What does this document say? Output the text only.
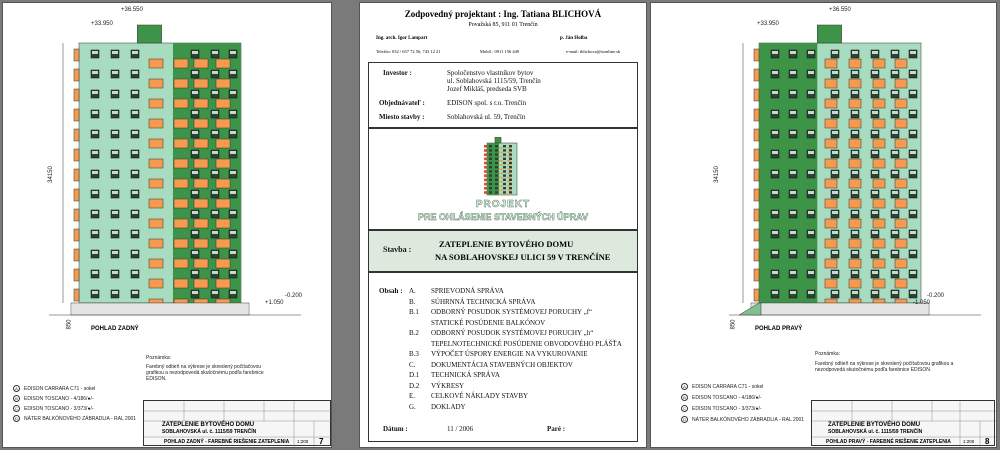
+36.550
+33.950
34150
-0.200
+1.050
850	POHLAD ZADNÝ
Poznámka:
Farebný odtieň na výkrese je skreslený počítačovou grafikou a nezodpovedá skutočnému podľa farebnice EDISON.
A	EDISON CARRARA C71 - sokel
B	EDISON TOSCANO - 4/186/●/-
C	EDISON TOSCANO - 3/373/●/-
D	NÁTER BALKÓNOVÉHO ZÁBRADLIA - RAL 2001
ZATEPLENIE BYTOVÉHO DOMU
SOBLAHOVSKÁ ul. č. 1115/59 TRENČÍN
POHLAD ZADNÝ - FAREBNÉ RIEŠENIE ZATEPLENIA 1:200 7
Zodpovedný projektant : Ing. Tatiana BLICHOVÁ
Považská 85, 911 01 Trenčín
Ing. arch. Igor Lampart	p. Ján Holba
Telefón: 032 / 657 72 56, 743 12 21	Mobil : 0911 156 449	e-mail: tblichova@stonline.sk
Investor :	Spoločenstvo vlastníkov bytov
ul. Soblahovská 1115/59, Trenčín
Jozef Mikláš, predseda SVB
Objednávateľ :	EDISON spol. s r.o. Trenčín
Miesto stavby :	Soblahovská ul. 59, Trenčín
PROJEKT
PRE OHLÁSENIE STAVEBNÝCH ÚPRAV
Stavba :
ZATEPLENIE BYTOVÉHO DOMU
NA SOBLAHOVSKEJ ULICI 59 V TRENČÍNE
Obsah : A. SPRIEVODNÁ SPRÁVA
B. SÚHRNNÁ TECHNICKÁ SPRÁVA
B.1 ODBORNÝ POSUDOK SYSTÉMOVEJ PORUCHY „f“
STATICKÉ POSÚDENIE BALKÓNOV
B.2 ODBORNÝ POSUDOK SYSTÉMOVEJ PORUCHY „h“
TEPELNOTECHNICKÉ POSÚDENIE OBVODOVÉHO PLÁŠŤA
B.3 VÝPOČET ÚSPORY ENERGIE NA VYKUROVANIE
C. DOKUMENTÁCIA STAVEBNÝCH OBJEKTOV
D.1 TECHNICKÁ SPRÁVA
D.2 VÝKRESY
E. CELKOVÉ NÁKLADY STAVBY
G. DOKLADY
Dátum :	11 / 2006	Paré :
+36.550
+33.950
34150
-0.200
-1.050
850	POHLAD PRAVÝ
Poznámka:
Farebný odtieň na výkrese je skreslený počítačovou grafikou a nezodpovedá skutočnému podľa farebnice EDISON.
A	EDISON CARRARA C71 - sokel
B	EDISON TOSCANO - 4/186/●/-
C	EDISON TOSCANO - 3/373/●/-
D	NÁTER BALKÓNOVÉHO ZÁBRADLIA - RAL 2001
ZATEPLENIE BYTOVÉHO DOMU
SOBLAHOVSKÁ ul. č. 1115/59 TRENČÍN
POHLAD PRAVÝ - FAREBNÉ RIEŠENIE ZATEPLENIA	1:200 8
